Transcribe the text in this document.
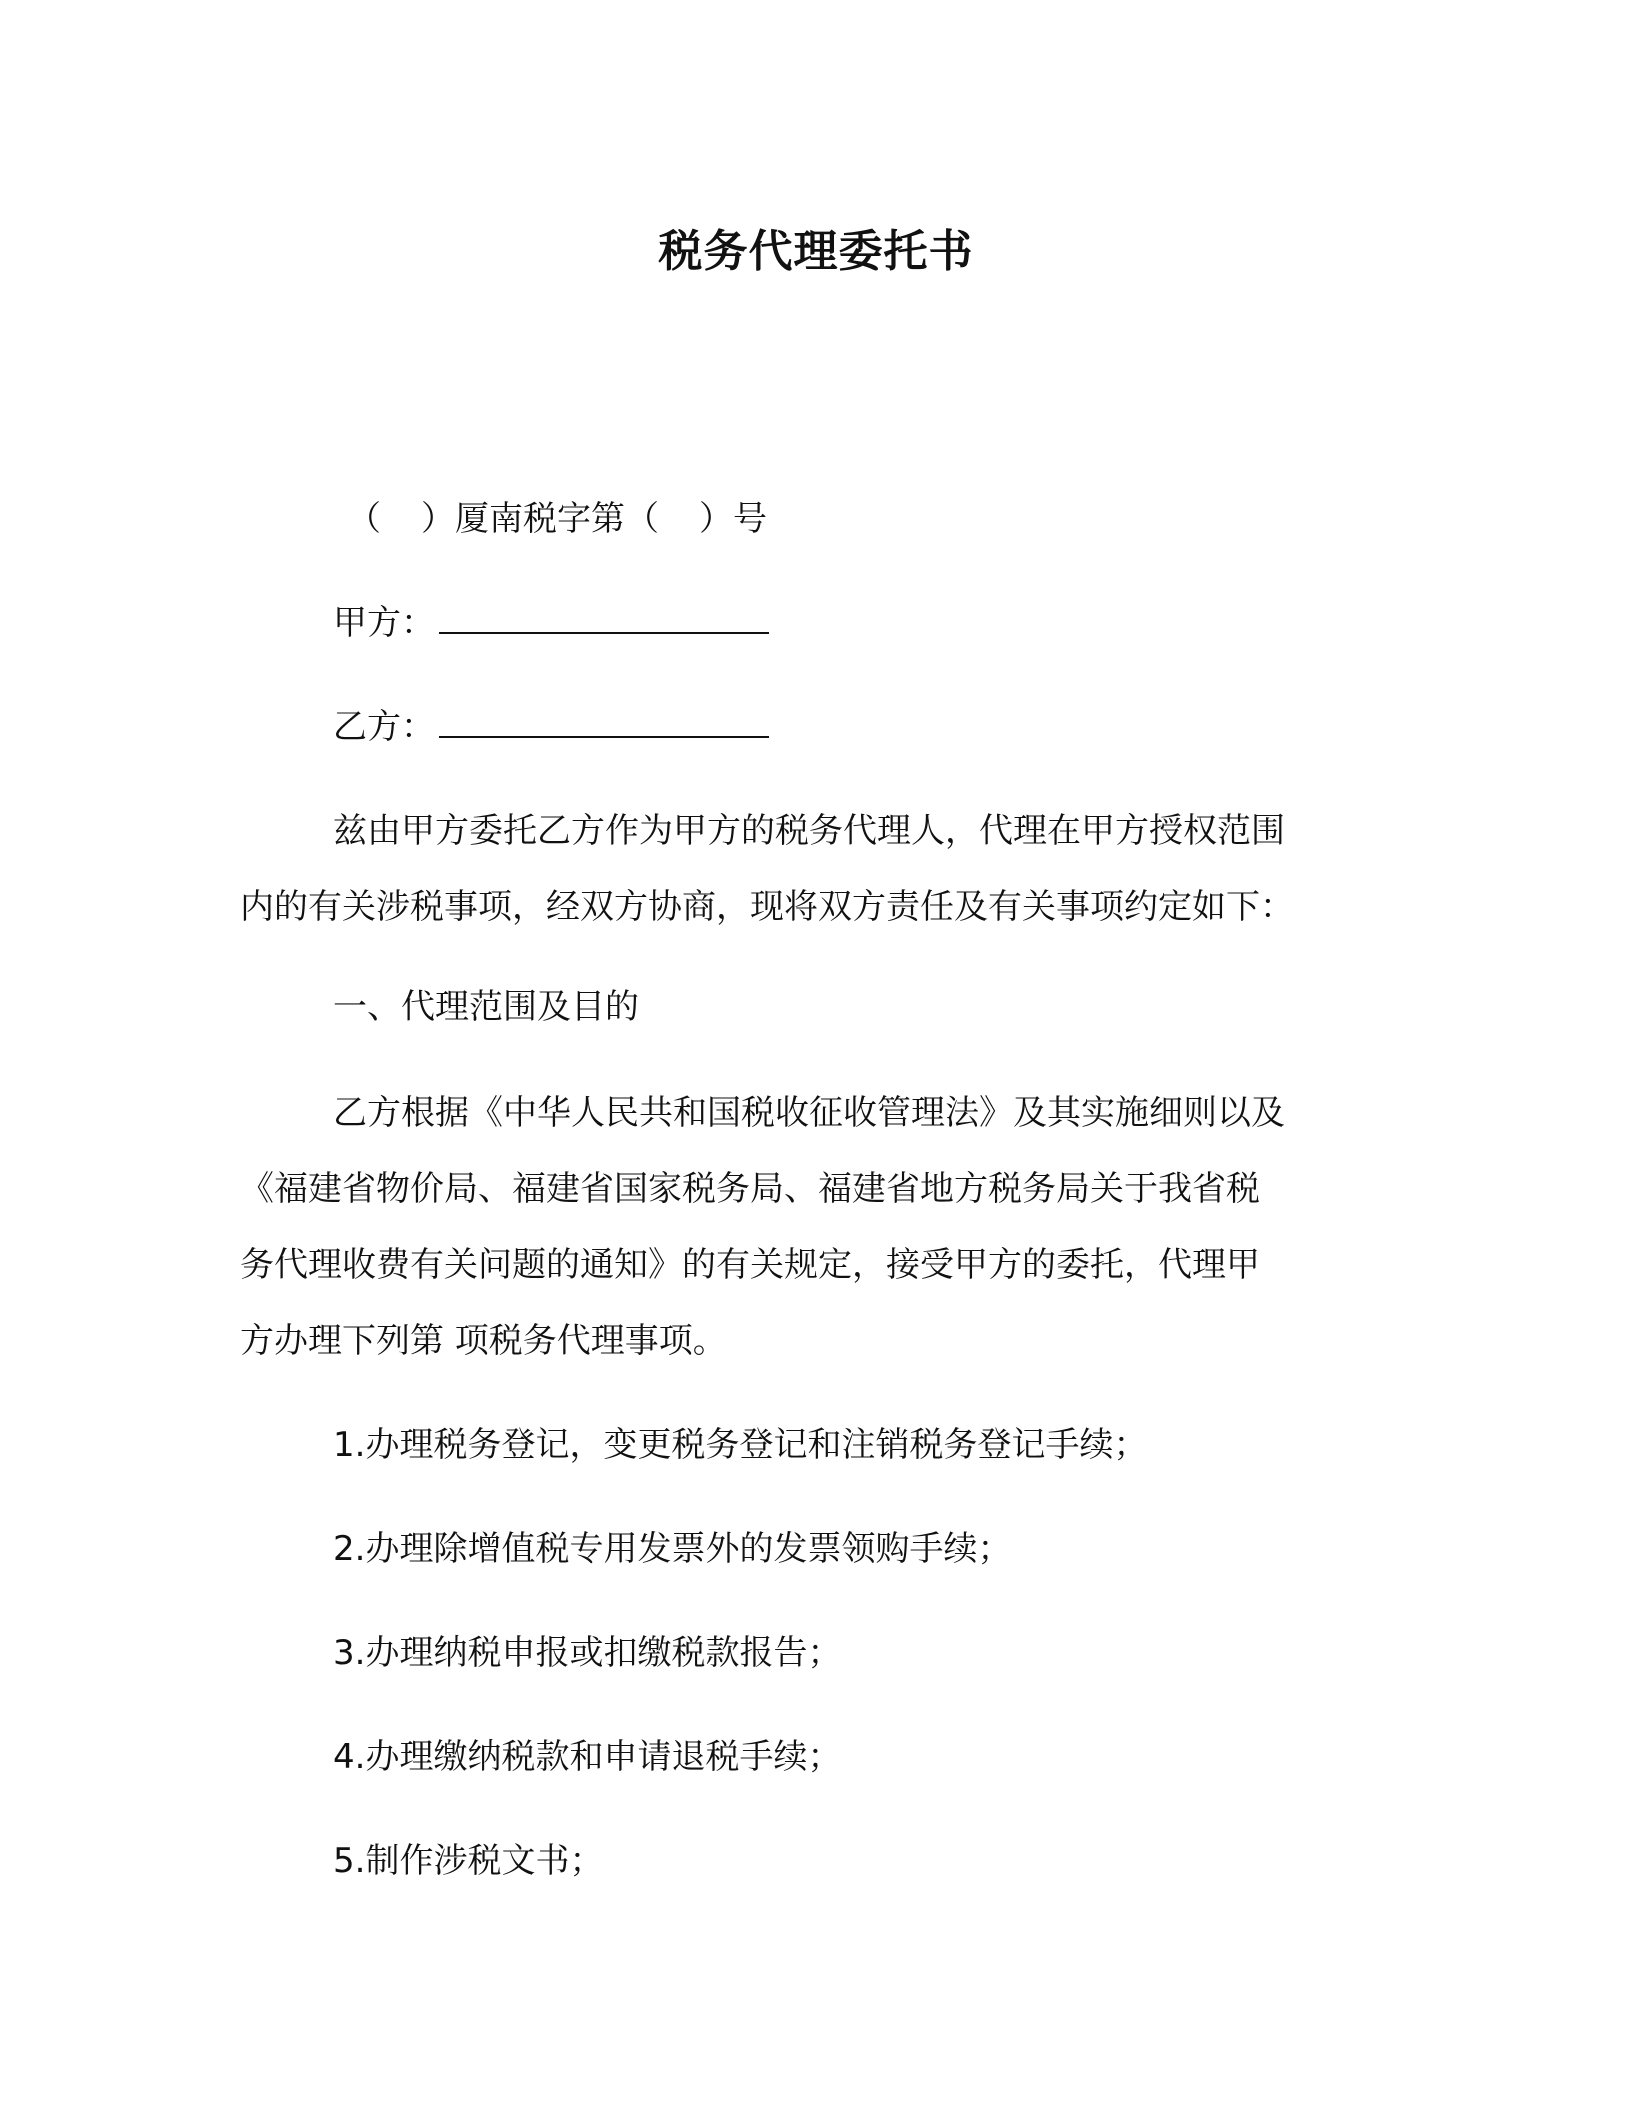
税务代理委托书
（ ）厦南税字第（ ）号
甲方：
乙方：
兹由甲方委托乙方作为甲方的税务代理人，代理在甲方授权范围
内的有关涉税事项，经双方协商，现将双方责任及有关事项约定如下：
一、代理范围及目的
乙方根据《中华人民共和国税收征收管理法》及其实施细则以及
《福建省物价局、福建省国家税务局、福建省地方税务局关于我省税
务代理收费有关问题的通知》的有关规定，接受甲方的委托，代理甲
方办理下列第 项税务代理事项。
1.办理税务登记，变更税务登记和注销税务登记手续；
2.办理除增值税专用发票外的发票领购手续；
3.办理纳税申报或扣缴税款报告；
4.办理缴纳税款和申请退税手续；
5.制作涉税文书；
